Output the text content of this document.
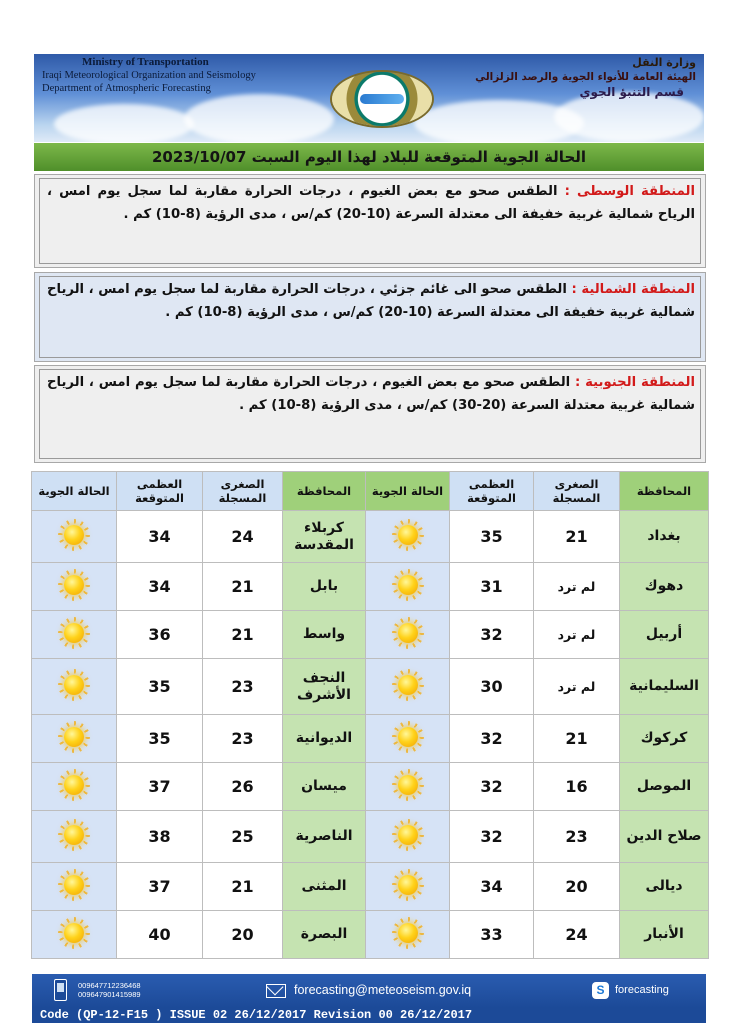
Ministry of Transportation
Iraqi Meteorological Organization and Seismology
Department of Atmospheric Forecasting
وزارة النقل
الهيئة العامة للأنواء الجوية والرصد الزلزالي
قسم التنبؤ الجوي
الحالة الجوية المتوقعة للبلاد لهذا اليوم السبت 2023/10/07
المنطقة الوسطى : الطقس صحو مع بعض الغيوم ، درجات الحرارة مقاربة لما سجل يوم امس ، الرياح شمالية غربية خفيفة الى معتدلة السرعة (10-20) كم/س ، مدى الرؤية (8-10) كم .
المنطقة الشمالية : الطقس صحو الى غائم جزئي ، درجات الحرارة مقاربة لما سجل يوم امس ، الرياح شمالية غربية خفيفة الى معتدلة السرعة (10-20) كم/س ، مدى الرؤية (8-10) كم .
المنطقة الجنوبية : الطقس صحو مع بعض الغيوم ، درجات الحرارة مقاربة لما سجل يوم امس ، الرياح شمالية غربية معتدلة السرعة (20-30) كم/س ، مدى الرؤية (8-10) كم .
الحالة الجوية	العظمى المتوقعة	الصغرى المسجلة	المحافظة	الحالة الجوية	العظمى المتوقعة	الصغرى المسجلة	المحافظة

	34	24	كربلاء المقدسة		35	21	بغداد

	34	21	بابل		31	لم ترد	دهوك

	36	21	واسط		32	لم ترد	أربيل

	35	23	النجف الأشرف		30	لم ترد	السليمانية

	35	23	الديوانية		32	21	كركوك

	37	26	ميسان		32	16	الموصل

	38	25	الناصرية		32	23	صلاح الدين

	37	21	المثنى		34	20	ديالى

	40	20	البصرة		33	24	الأنبار
009647712236468
009647901415989	forecasting@meteoseism.gov.iq	S forecasting
Code (QP-12-F15 ) ISSUE 02 26/12/2017 Revision 00 26/12/2017
